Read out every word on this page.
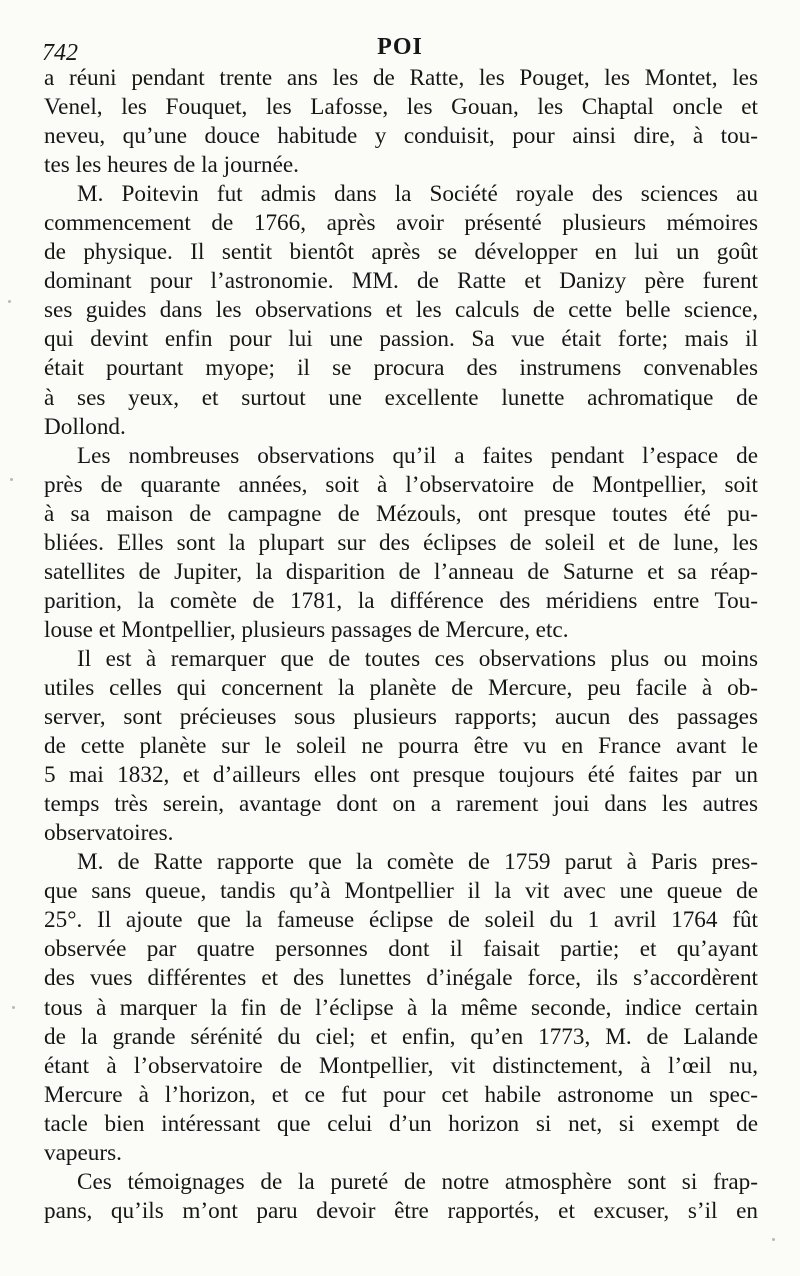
742	POI
a réuni pendant trente ans les de Ratte, les Pouget, les Montet, les
Venel, les Fouquet, les Lafosse, les Gouan, les Chaptal oncle et
neveu, qu’une douce habitude y conduisit, pour ainsi dire, à tou-
tes les heures de la journée.
M. Poitevin fut admis dans la Société royale des sciences au
commencement de 1766, après avoir présenté plusieurs mémoires
de physique. Il sentit bientôt après se développer en lui un goût
dominant pour l’astronomie. MM. de Ratte et Danizy père furent
ses guides dans les observations et les calculs de cette belle science,
qui devint enfin pour lui une passion. Sa vue était forte; mais il
était pourtant myope; il se procura des instrumens convenables
à ses yeux, et surtout une excellente lunette achromatique de
Dollond.
Les nombreuses observations qu’il a faites pendant l’espace de
près de quarante années, soit à l’observatoire de Montpellier, soit
à sa maison de campagne de Mézouls, ont presque toutes été pu-
bliées. Elles sont la plupart sur des éclipses de soleil et de lune, les
satellites de Jupiter, la disparition de l’anneau de Saturne et sa réap-
parition, la comète de 1781, la différence des méridiens entre Tou-
louse et Montpellier, plusieurs passages de Mercure, etc.
Il est à remarquer que de toutes ces observations plus ou moins
utiles celles qui concernent la planète de Mercure, peu facile à ob-
server, sont précieuses sous plusieurs rapports; aucun des passages
de cette planète sur le soleil ne pourra être vu en France avant le
5 mai 1832, et d’ailleurs elles ont presque toujours été faites par un
temps très serein, avantage dont on a rarement joui dans les autres
observatoires.
M. de Ratte rapporte que la comète de 1759 parut à Paris pres-
que sans queue, tandis qu’à Montpellier il la vit avec une queue de
25°. Il ajoute que la fameuse éclipse de soleil du 1 avril 1764 fût
observée par quatre personnes dont il faisait partie; et qu’ayant
des vues différentes et des lunettes d’inégale force, ils s’accordèrent
tous à marquer la fin de l’éclipse à la même seconde, indice certain
de la grande sérénité du ciel; et enfin, qu’en 1773, M. de Lalande
étant à l’observatoire de Montpellier, vit distinctement, à l’œil nu,
Mercure à l’horizon, et ce fut pour cet habile astronome un spec-
tacle bien intéressant que celui d’un horizon si net, si exempt de
vapeurs.
Ces témoignages de la pureté de notre atmosphère sont si frap-
pans, qu’ils m’ont paru devoir être rapportés, et excuser, s’il en
